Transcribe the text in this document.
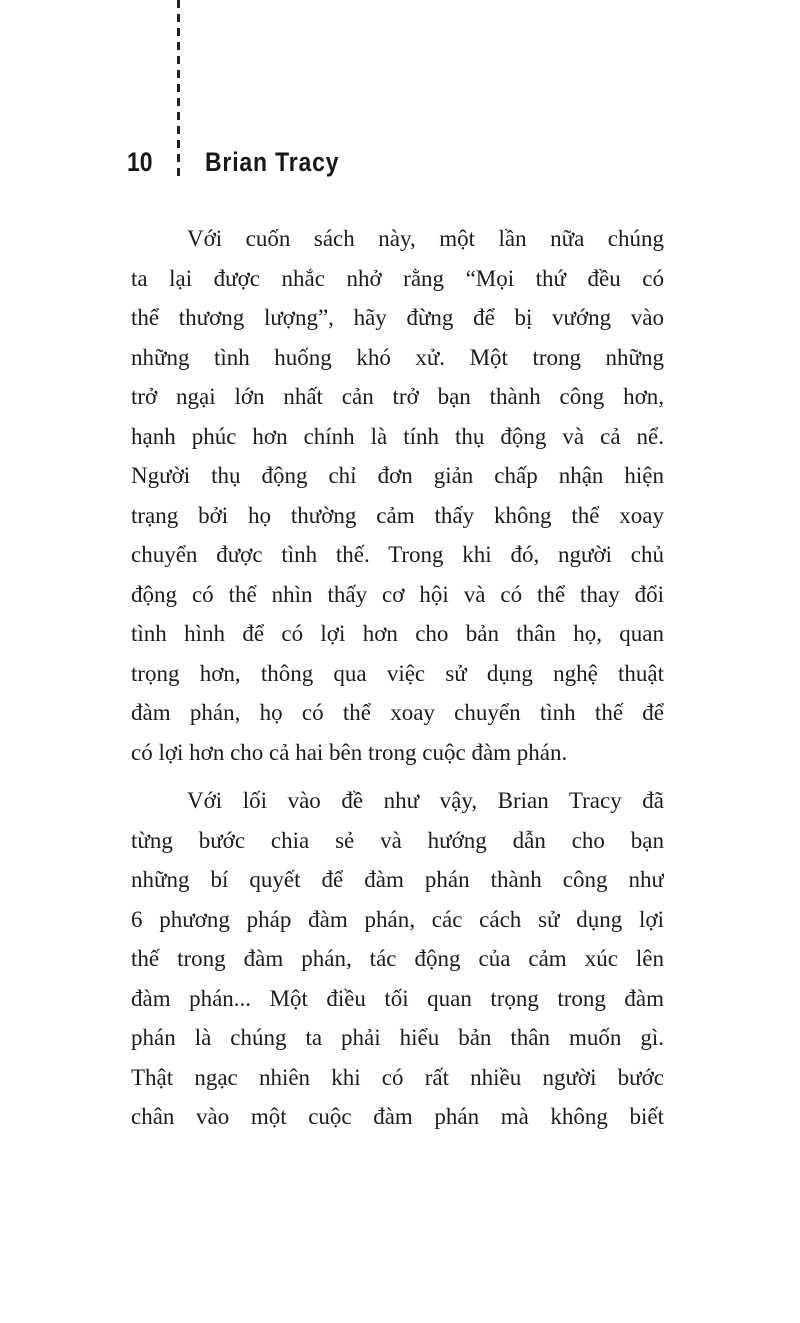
10 Brian Tracy
Với cuốn sách này, một lần nữa chúng
ta lại được nhắc nhở rằng “Mọi thứ đều có
thể thương lượng”, hãy đừng để bị vướng vào
những tình huống khó xử. Một trong những
trở ngại lớn nhất cản trở bạn thành công hơn,
hạnh phúc hơn chính là tính thụ động và cả nể.
Người thụ động chỉ đơn giản chấp nhận hiện
trạng bởi họ thường cảm thấy không thể xoay
chuyển được tình thế. Trong khi đó, người chủ
động có thể nhìn thấy cơ hội và có thể thay đổi
tình hình để có lợi hơn cho bản thân họ, quan
trọng hơn, thông qua việc sử dụng nghệ thuật
đàm phán, họ có thể xoay chuyển tình thế để
có lợi hơn cho cả hai bên trong cuộc đàm phán.
Với lối vào đề như vậy, Brian Tracy đã
từng bước chia sẻ và hướng dẫn cho bạn
những bí quyết để đàm phán thành công như
6 phương pháp đàm phán, các cách sử dụng lợi
thế trong đàm phán, tác động của cảm xúc lên
đàm phán... Một điều tối quan trọng trong đàm
phán là chúng ta phải hiểu bản thân muốn gì.
Thật ngạc nhiên khi có rất nhiều người bước
chân vào một cuộc đàm phán mà không biết
